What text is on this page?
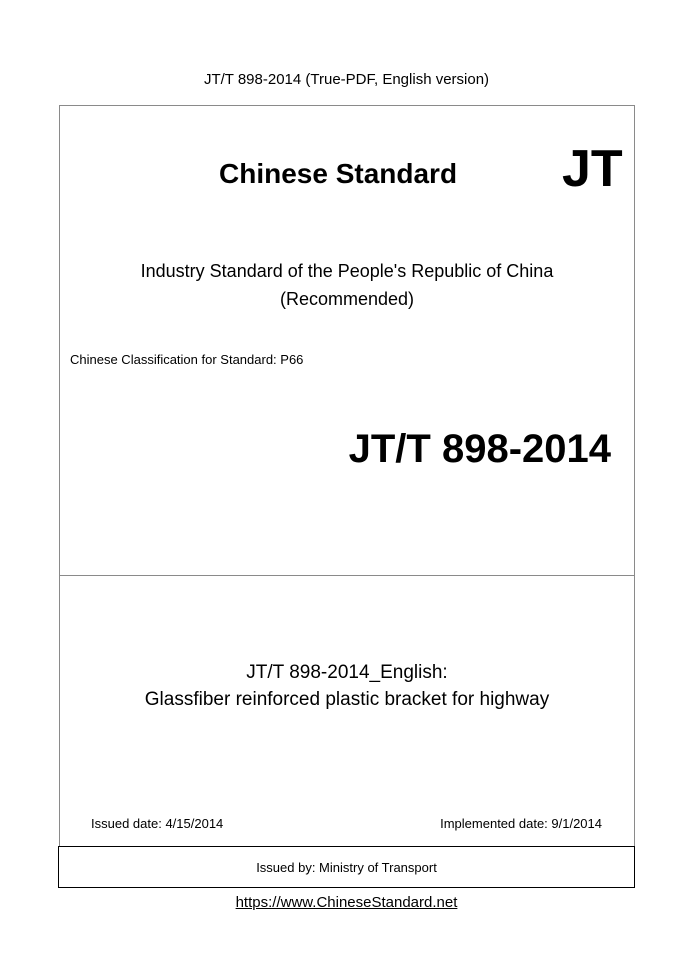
JT/T 898-2014 (True-PDF, English version)
Chinese Standard JT
Industry Standard of the People's Republic of China
(Recommended)
Chinese Classification for Standard: P66
JT/T 898-2014
JT/T 898-2014_English:
Glassfiber reinforced plastic bracket for highway
Issued date: 4/15/2014	Implemented date: 9/1/2014
Issued by: Ministry of Transport
https://www.ChineseStandard.net
